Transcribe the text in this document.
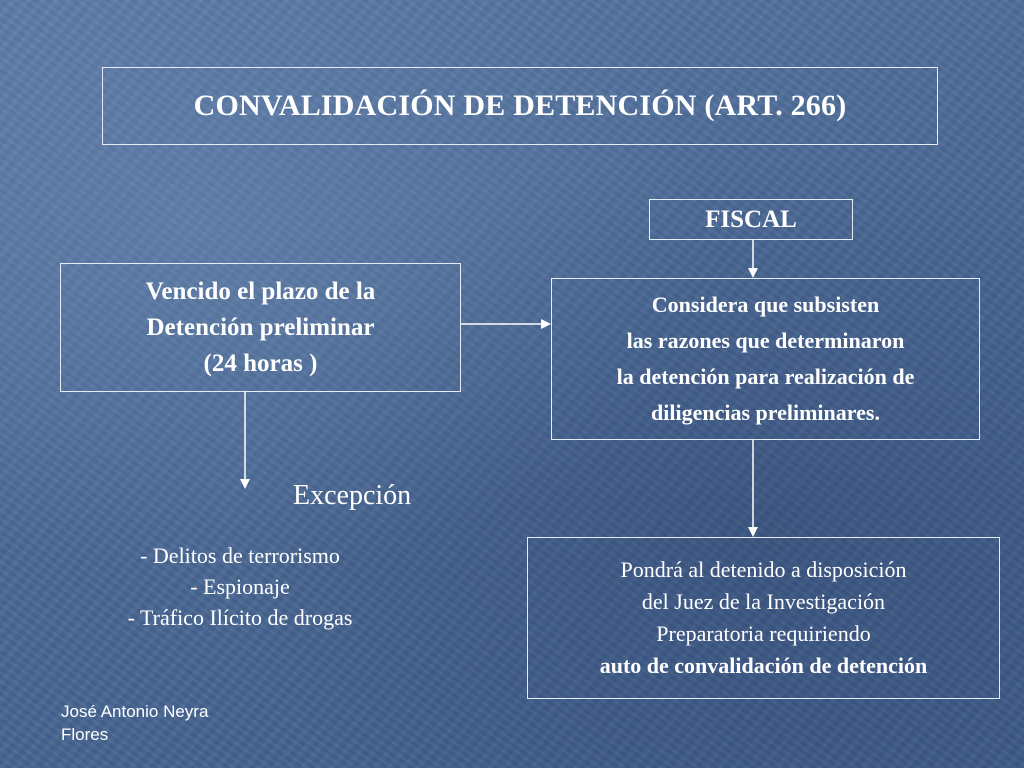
CONVALIDACIÓN DE DETENCIÓN (ART. 266)
FISCAL
Vencido el plazo de la
Detención preliminar
(24 horas )
Considera que subsisten
las razones que determinaron
la detención para realización de
diligencias preliminares.
Pondrá al detenido a disposición
del Juez de la Investigación
Preparatoria requiriendo
auto de convalidación de detención
Excepción
- Delitos de terrorismo
- Espionaje
- Tráfico Ilícito de drogas
José Antonio Neyra
Flores
